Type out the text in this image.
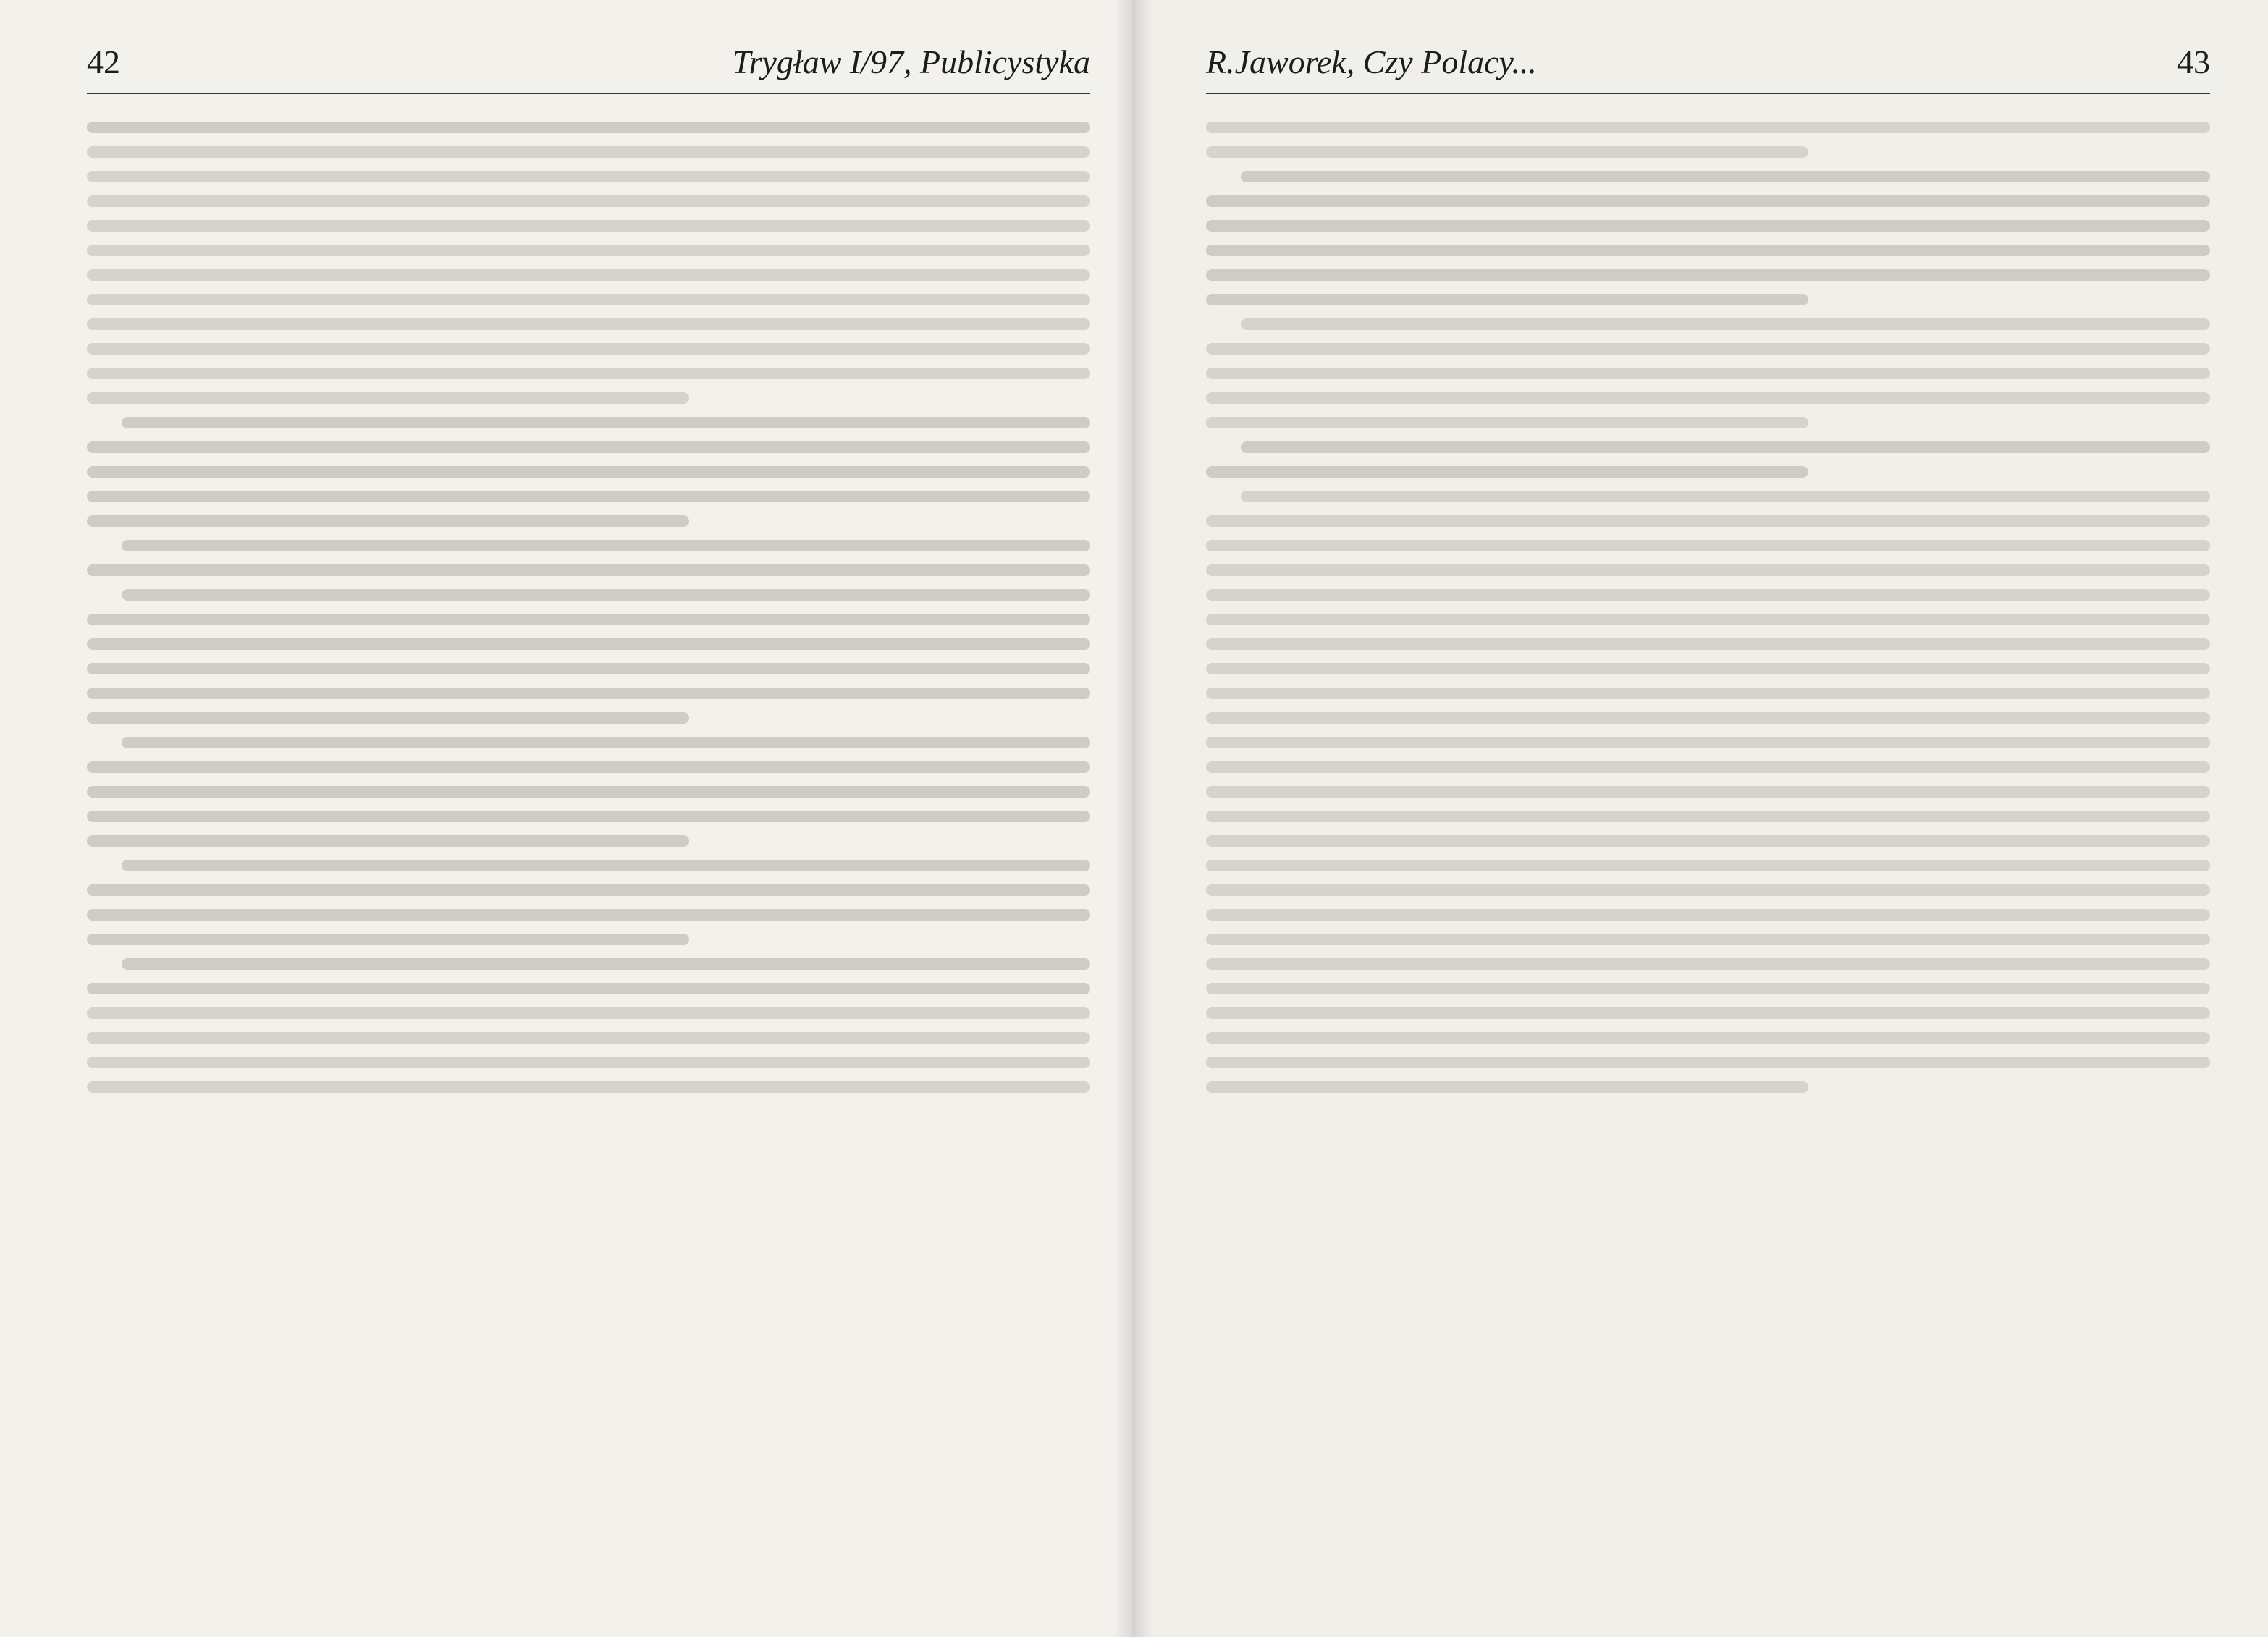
42	Trygław I/97, Publicystyka	R.Jaworek, Czy Polacy...	43
